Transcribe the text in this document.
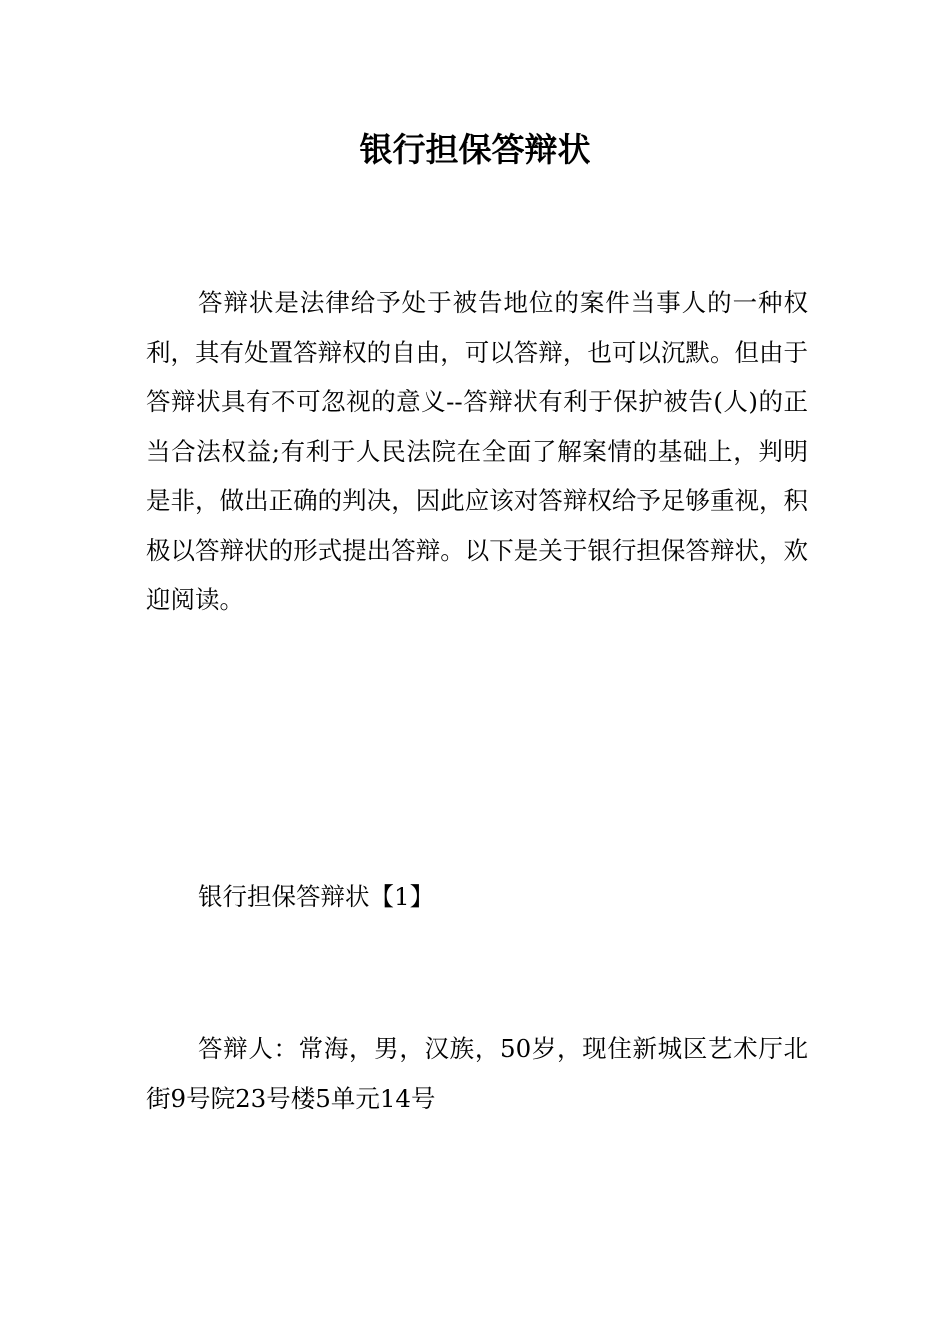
银行担保答辩状

答辩状是法律给予处于被告地位的案件当事人的一种权利，其有处置答辩权的自由，可以答辩，也可以沉默。但由于答辩状具有不可忽视的意义--答辩状有利于保护被告(人)的正当合法权益;有利于人民法院在全面了解案情的基础上，判明是非，做出正确的判决，因此应该对答辩权给予足够重视，积极以答辩状的形式提出答辩。以下是关于银行担保答辩状，欢迎阅读。

银行担保答辩状【1】

答辩人：常海，男，汉族，50岁，现住新城区艺术厅北街9号院23号楼5单元14号
